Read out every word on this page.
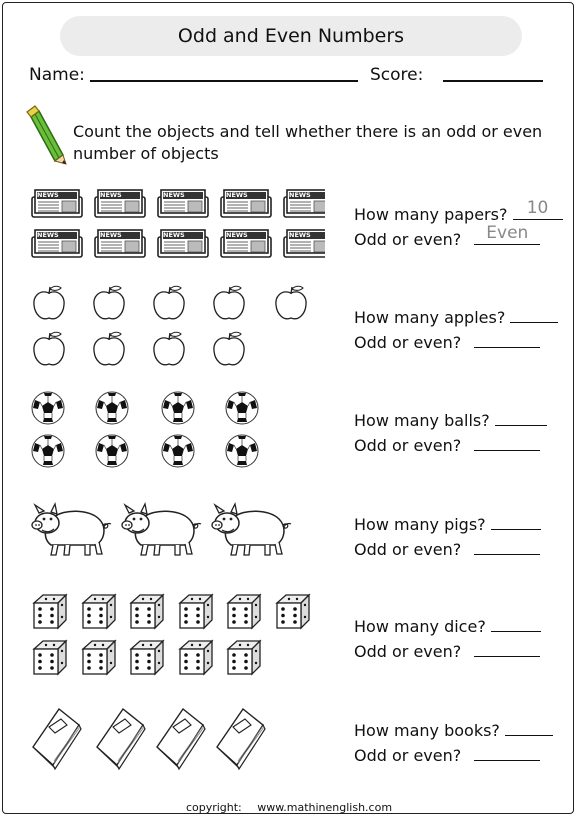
Odd and Even Numbers
Name:	Score:
Count the objects and tell whether there is an odd or even number of objects
NEWS	NEWS	NEWS	NEWS	NEWS
NEWS	NEWS	NEWS	NEWS	NEWS
How many papers?	10
Odd or even?	Even
How many apples?
Odd or even?
How many balls?
Odd or even?
How many pigs?
Odd or even?
How many dice?
Odd or even?
How many books?
Odd or even?
copyright: www.mathinenglish.com
